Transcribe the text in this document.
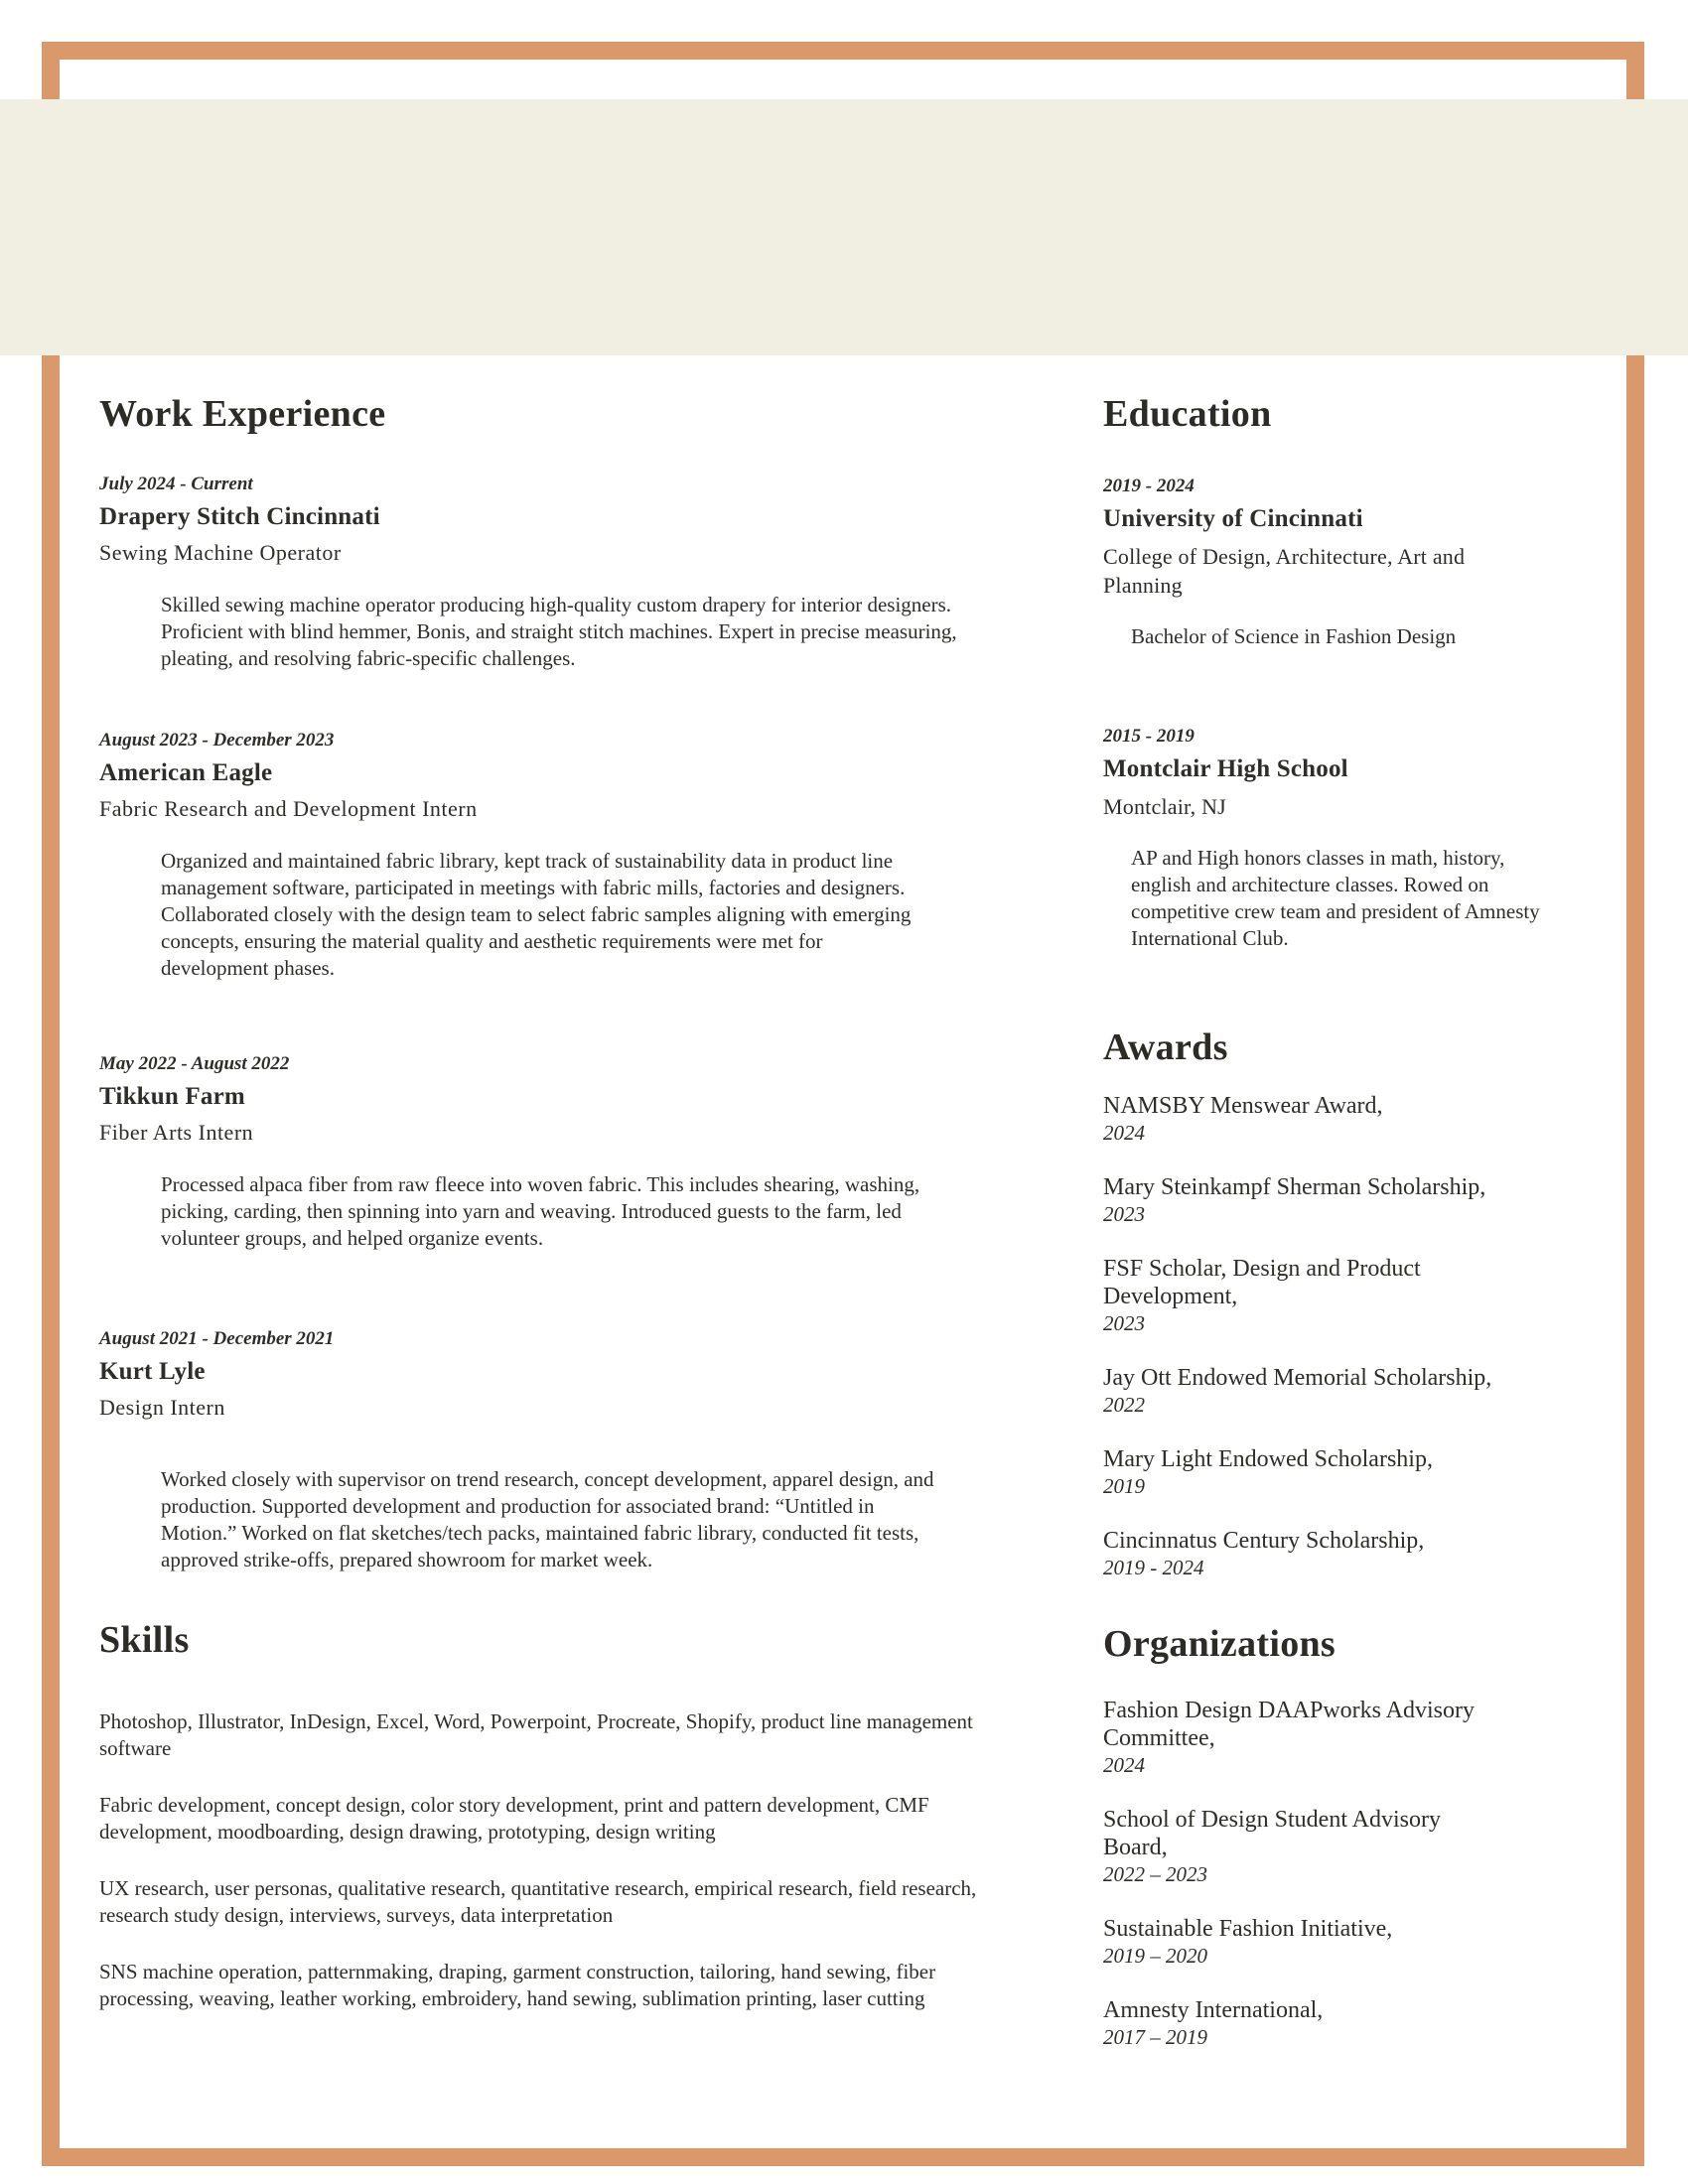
Work Experience
July 2024 - Current
Drapery Stitch Cincinnati
Sewing Machine Operator

Skilled sewing machine operator producing high-quality custom drapery for interior designers. Proficient with blind hemmer, Bonis, and straight stitch machines. Expert in precise measuring, pleating, and resolving fabric-specific challenges.

August 2023 - December 2023
American Eagle
Fabric Research and Development Intern

Organized and maintained fabric library, kept track of sustainability data in product line management software, participated in meetings with fabric mills, factories and designers. Collaborated closely with the design team to select fabric samples aligning with emerging concepts, ensuring the material quality and aesthetic requirements were met for development phases.

May 2022 - August 2022
Tikkun Farm
Fiber Arts Intern

Processed alpaca fiber from raw fleece into woven fabric. This includes shearing, washing, picking, carding, then spinning into yarn and weaving. Introduced guests to the farm, led volunteer groups, and helped organize events.

August 2021 - December 2021
Kurt Lyle
Design Intern

Worked closely with supervisor on trend research, concept development, apparel design, and production. Supported development and production for associated brand: “Untitled in Motion.” Worked on flat sketches/tech packs, maintained fabric library, conducted fit tests, approved strike-offs, prepared showroom for market week.

Skills

Photoshop, Illustrator, InDesign, Excel, Word, Powerpoint, Procreate, Shopify, product line management software

Fabric development, concept design, color story development, print and pattern development, CMF development, moodboarding, design drawing, prototyping, design writing

UX research, user personas, qualitative research, quantitative research, empirical research, field research, research study design, interviews, surveys, data interpretation

SNS machine operation, patternmaking, draping, garment construction, tailoring, hand sewing, fiber processing, weaving, leather working, embroidery, hand sewing, sublimation printing, laser cutting

Education
2019 - 2024
University of Cincinnati
College of Design, Architecture, Art and Planning

Bachelor of Science in Fashion Design

2015 - 2019
Montclair High School
Montclair, NJ

AP and High honors classes in math, history, english and architecture classes. Rowed on competitive crew team and president of Amnesty International Club.

Awards
NAMSBY Menswear Award,
2024
Mary Steinkampf Sherman Scholarship,
2023
FSF Scholar, Design and Product Development,
2023
Jay Ott Endowed Memorial Scholarship,
2022
Mary Light Endowed Scholarship,
2019
Cincinnatus Century Scholarship,
2019 - 2024
Organizations
Fashion Design DAAPworks Advisory Committee,
2024
School of Design Student Advisory Board,
2022 – 2023
Sustainable Fashion Initiative,
2019 – 2020
Amnesty International,
2017 – 2019
